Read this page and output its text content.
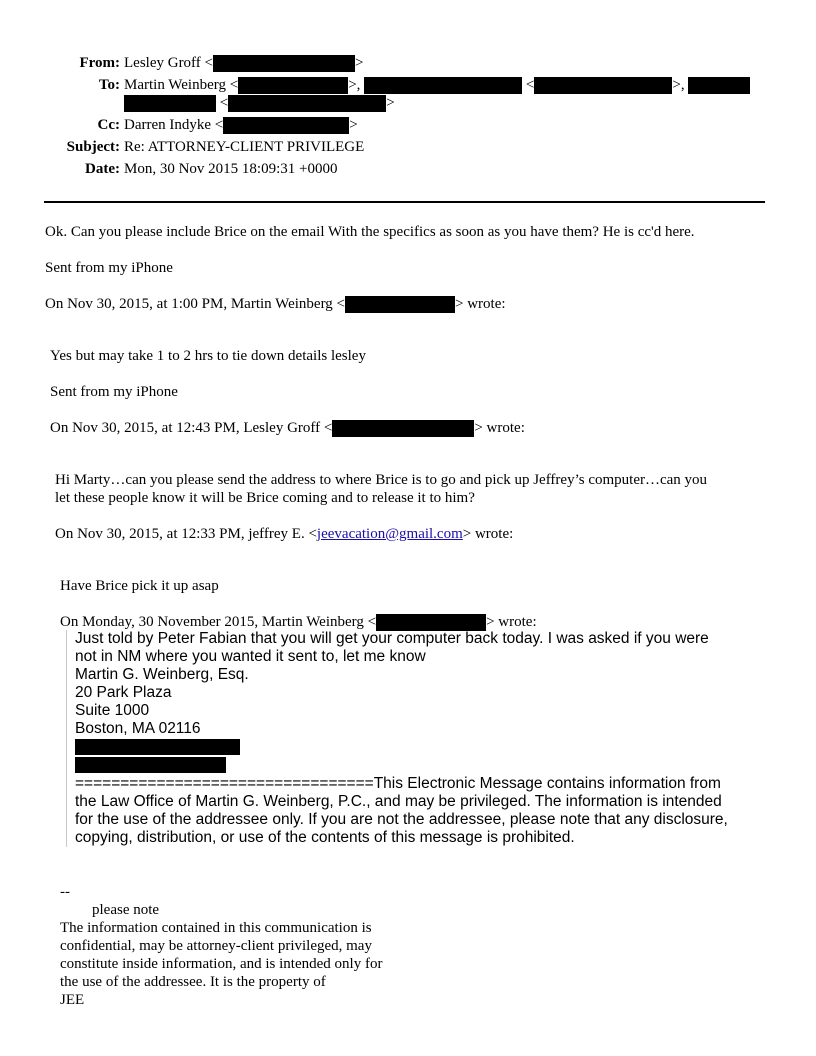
From: Lesley Groff <	>
To: Martin Weinberg <	>,	<	>,
<	>
Cc: Darren Indyke <	>
Subject: Re: ATTORNEY-CLIENT PRIVILEGE
Date: Mon, 30 Nov 2015 18:09:31 +0000
Ok. Can you please include Brice on the email With the specifics as soon as you have them? He is cc'd here.
Sent from my iPhone
On Nov 30, 2015, at 1:00 PM, Martin Weinberg <	> wrote:
Yes but may take 1 to 2 hrs to tie down details lesley
Sent from my iPhone
On Nov 30, 2015, at 12:43 PM, Lesley Groff <	> wrote:
Hi Marty…can you please send the address to where Brice is to go and pick up Jeffrey’s computer…can you
let these people know it will be Brice coming and to release it to him?
On Nov 30, 2015, at 12:33 PM, jeffrey E. <jeevacation@gmail.com> wrote:
Have Brice pick it up asap
On Monday, 30 November 2015, Martin Weinberg <	> wrote:
Just told by Peter Fabian that you will get your computer back today. I was asked if you were
not in NM where you wanted it sent to, let me know
Martin G. Weinberg, Esq.
20 Park Plaza
Suite 1000
Boston, MA 02116
=================================This Electronic Message contains information from
the Law Office of Martin G. Weinberg, P.C., and may be privileged. The information is intended
for the use of the addressee only. If you are not the addressee, please note that any disclosure,
copying, distribution, or use of the contents of this message is prohibited.
--
please note
The information contained in this communication is
confidential, may be attorney-client privileged, may
constitute inside information, and is intended only for
the use of the addressee. It is the property of
JEE
